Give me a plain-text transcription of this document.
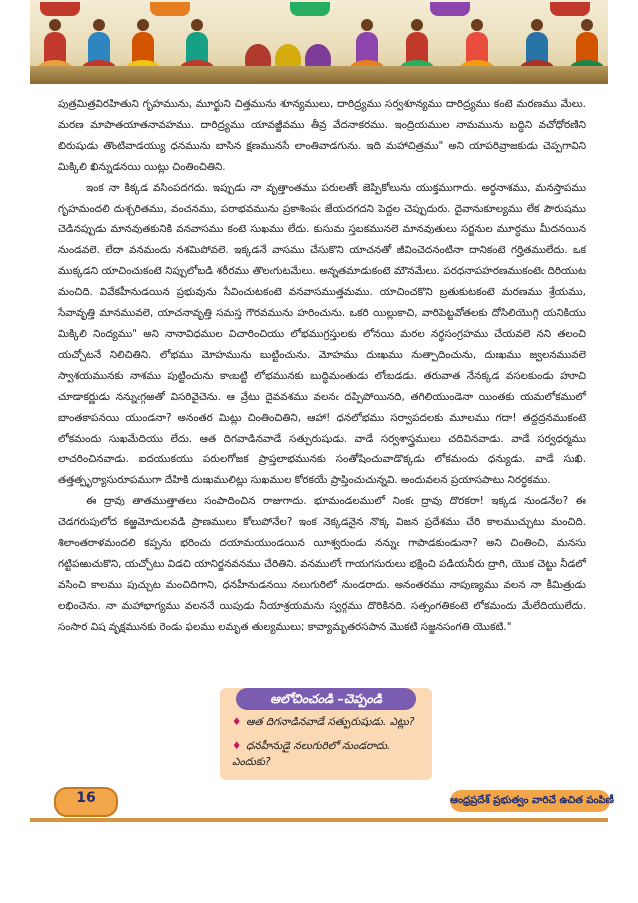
పుత్రమిత్రవిరహితుని గృహమును, మూర్ఖుని చిత్తమును శూన్యములు, దారిద్ర్యము సర్వశూన్యము దారిద్ర్యము కంటె మరణము మేలు. మరణ మాపాతయాతనావహము. దారిద్ర్యము యావజ్జీవము తీవ్ర వేదనాకరము. ఇంద్రియముల నామమును బద్ధిని వచోధోరణిని బిరుషుడు తొంటివాడయ్యు ధనమును బాసిన క్షణమునసే లాంతివాడగును. ఇది మహాచిత్రము" అని యాపరివ్రాజకుడు చెప్పగావిని మిక్కిలి ఖిన్నుడనయి యిట్లు చింతించితిని.

ఇంక నా కిక్కడ వసింపదగదు. ఇప్పుడు నా వృత్తాంతము పరులతోఁ జెప్పికోలును యుక్తముగాదు. అర్థనాశము, మనస్తాపము గృహమందలి దుశ్చరితము, వంచనము, పరాభవమును ప్రకాశింపఁ జేయదగదని పెద్దల చెప్పుదురు. దైవానుకూల్యము లేక పౌరుషము చెడినప్పుడు మానవుతకునికి వనవాసము కంటె సుఖము లేదు. కుసుమ స్తబకమునలె మానవుతులు సర్జనుల మూర్ధము మీదనయిన నుండవలె. లేదా వనమందు నశమిపోవలె. ఇక్కడనే వాసము చేసుకొని యాచనతో జీవించెదనంటినా దానికంటె గర్హితములేదు. ఒక ముక్కడని యాచించుకంటె నిప్పులోబడి శరీరము తొలఁగుటమేలు. అన్నతమాడుకంటె మౌనమేలు. పరధనాపహరణముకంటెఁ దిరియుట మంచిది. వివేకహీనుడయిన ప్రభువును సేవించుటకంటె వనవాసముత్తమము. యాచించకొని బ్రతుకుటకంటె మరణము శ్రేయము, సేవావృత్తి మానమువలె, యాచనావృత్తి సమస్త గౌరవమును హరించును. ఒకరి యిల్లుకాచి, వారిపెట్టవోతలకు దోసిలియొగ్గి యనికియు మిక్కిలి నింద్యము" అని నానావిధముల విచారించియు లోభముగ్రస్తులకు లోనయి మరల నర్థసంగ్రహము చేయవలె నని తలంచి యచ్చోటనే నిలిచితిని. లోభము మోహమును బుట్టించును. మోహము దుఃఖము నుత్పాదించును, దుఃఖము జ్వలనమువలె స్వాశయమునకు నాశము పుట్టించును కాఁబట్టి లోభమునకు బుద్ధిమంతుడు లోఁబడడు. తరువాత నేనక్కడ వసలకుండు హూచి చూడాకర్ణుడు నన్నుఁగ్గఱతో విసరివైచెను. ఆ వ్రేటు దైవవశము వలనఁ దప్పిపోయినది, తగిలియుండెనా యింతకు యమలోకములో బాంతకాపనయి యుండనా? అనంతర మిట్లు చింతించితిని, ఆహా! ధనలోభము సర్వాపదలకు మూలము గదా! తద్దద్రనముకంటె లోకమందు సుఖమేదియు లేదు. ఆత దిగవాడినవాడే సత్పురుషుడు. వాడే సర్వశాస్త్రములు చదివినవాడు. వాడే సర్వధర్మము లాచరించినవాడు. ఐదయుకయు పరులగోజక ప్రాప్తలాభమునకు సంతోషించువాడొక్కడు లోకమందు ధన్యుడు. వాడే సుఖి. తత్తత్పృర్యాసురూపముగా దేహికి దుఃఖములిట్లు సుఖముల కోరకయే ప్రాప్తించుచున్నవి. అందువలన ప్రయాసపాటు నిరర్థకము.

ఈ ద్రావు తాతముత్తాతలు సంపాదించిన రాజుగాదు. భూమండలములో నింకఁ ద్రావు దొరకరా! ఇక్కడ నుండనేల? ఈ చెడగరుపులోద కఱ్ఱమోదులవడి ప్రాణములు కోలుపోనేల? ఇంక నెక్కడనైన నొక్క విజన ప్రదేశము చేరి కాలముచ్చుటు మంచిది. శిలాంతరాళమందలి కప్పను భరించు దయామయుండయిన యీశ్వరుండు నన్నుఁ గాపాడకుండునా? అని చింతించి, మనసు గట్టిపఱుచుకొని, యచ్చోటు విడచి యానిర్జనవనము చేరితిని. వనములోఁ గాయగసురులు భక్షించి పడియనీరు ద్రాగి, యొక చెట్టు నీడలో వసించి కాలము పుచ్చుట మంచిదిగాని, ధనహీనుడనయి నలుగురిలో నుండరాదు. అనంతరము నాపుణ్యము వలన నా కీమిత్రుడు లభించెను. నా మహాభాగ్యము వలననే యిపుడు నీయాశ్రయమను స్వర్గము దొరికినది. సత్సంగతికంటె లోకమందు మేలేదియులేదు. సంసార విష వృక్షమునకు రెండు ఫలము లమృత తుల్యములు; కావ్యామృతరసపాన మొకటి సజ్జనసంగతి యొకటి."

ఆలోచించండి –చెప్పండి
♦ ఆత దిగనాడినవాడే సత్పురుషుడు. ఎట్లు?
♦ ధనహీనుడై నలుగురిలో నుండరాదు. ఎందుకు?
16	ఆంధ్రప్రదేశ్ ప్రభుత్వం వారిచే ఉచిత పంపిణీ
